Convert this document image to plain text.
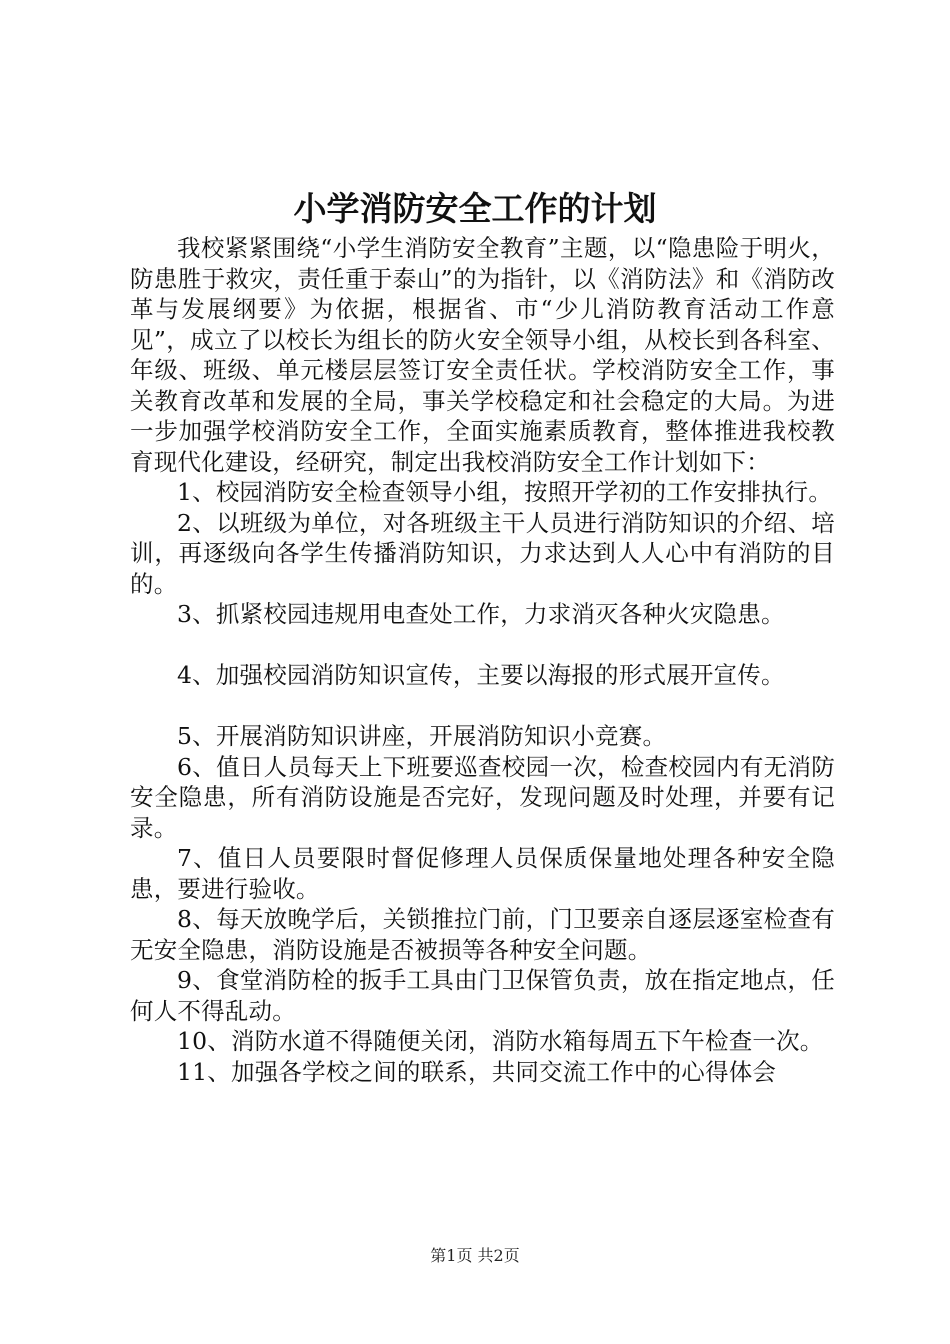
小学消防安全工作的计划

我校紧紧围绕“小学生消防安全教育”主题，以“隐患险于明火，防患胜于救灾，责任重于泰山”的为指针，以《消防法》和《消防改革与发展纲要》为依据，根据省、市“少儿消防教育活动工作意见”，成立了以校长为组长的防火安全领导小组，从校长到各科室、年级、班级、单元楼层层签订安全责任状。学校消防安全工作，事关教育改革和发展的全局，事关学校稳定和社会稳定的大局。为进一步加强学校消防安全工作，全面实施素质教育，整体推进我校教育现代化建设，经研究，制定出我校消防安全工作计划如下：

1、校园消防安全检查领导小组，按照开学初的工作安排执行。

2、以班级为单位，对各班级主干人员进行消防知识的介绍、培训，再逐级向各学生传播消防知识，力求达到人人心中有消防的目的。

3、抓紧校园违规用电查处工作，力求消灭各种火灾隐患。

4、加强校园消防知识宣传，主要以海报的形式展开宣传。

5、开展消防知识讲座，开展消防知识小竞赛。

6、值日人员每天上下班要巡查校园一次，检查校园内有无消防安全隐患，所有消防设施是否完好，发现问题及时处理，并要有记录。

7、值日人员要限时督促修理人员保质保量地处理各种安全隐患，要进行验收。

8、每天放晚学后，关锁推拉门前，门卫要亲自逐层逐室检查有无安全隐患，消防设施是否被损等各种安全问题。

9、食堂消防栓的扳手工具由门卫保管负责，放在指定地点，任何人不得乱动。

10、消防水道不得随便关闭，消防水箱每周五下午检查一次。

11、加强各学校之间的联系，共同交流工作中的心得体会

第1页 共2页
